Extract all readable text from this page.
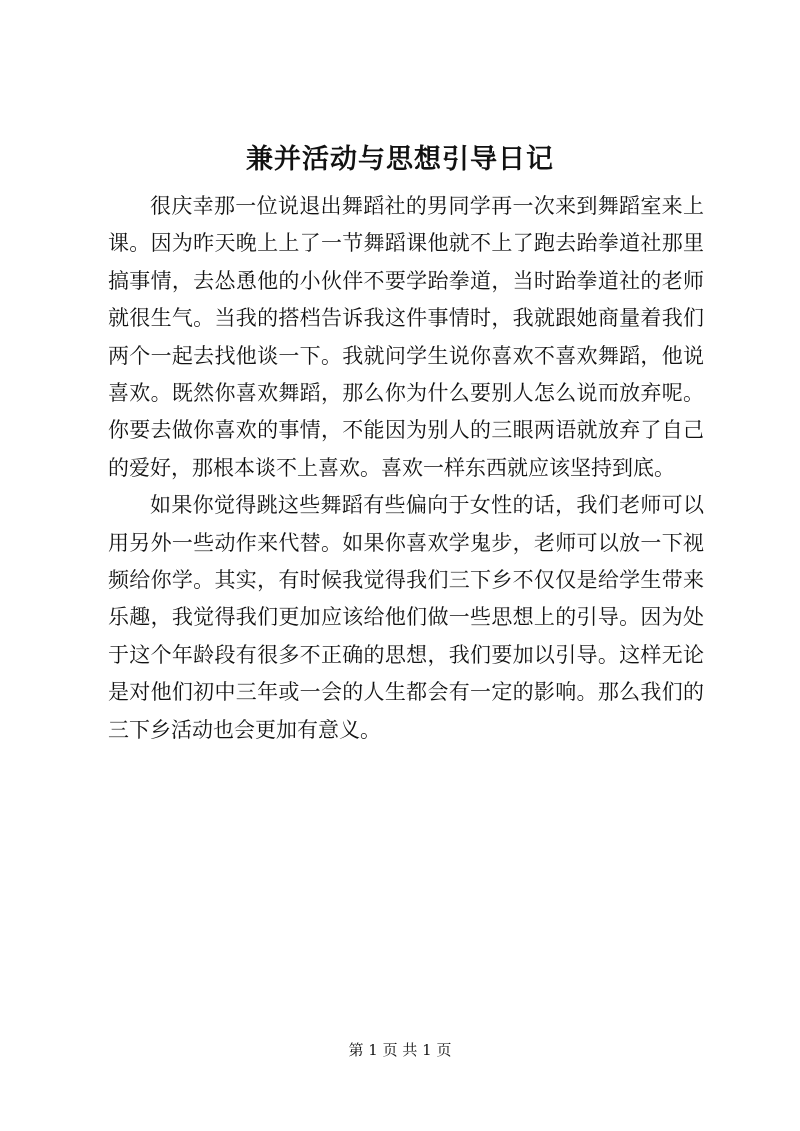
兼并活动与思想引导日记

很庆幸那一位说退出舞蹈社的男同学再一次来到舞蹈室来上课。因为昨天晚上上了一节舞蹈课他就不上了跑去跆拳道社那里搞事情，去怂恿他的小伙伴不要学跆拳道，当时跆拳道社的老师就很生气。当我的搭档告诉我这件事情时，我就跟她商量着我们两个一起去找他谈一下。我就问学生说你喜欢不喜欢舞蹈，他说喜欢。既然你喜欢舞蹈，那么你为什么要别人怎么说而放弃呢。你要去做你喜欢的事情，不能因为别人的三眼两语就放弃了自己的爱好，那根本谈不上喜欢。喜欢一样东西就应该坚持到底。

如果你觉得跳这些舞蹈有些偏向于女性的话，我们老师可以用另外一些动作来代替。如果你喜欢学鬼步，老师可以放一下视频给你学。其实，有时候我觉得我们三下乡不仅仅是给学生带来乐趣，我觉得我们更加应该给他们做一些思想上的引导。因为处于这个年龄段有很多不正确的思想，我们要加以引导。这样无论是对他们初中三年或一会的人生都会有一定的影响。那么我们的三下乡活动也会更加有意义。

第 1 页 共 1 页
